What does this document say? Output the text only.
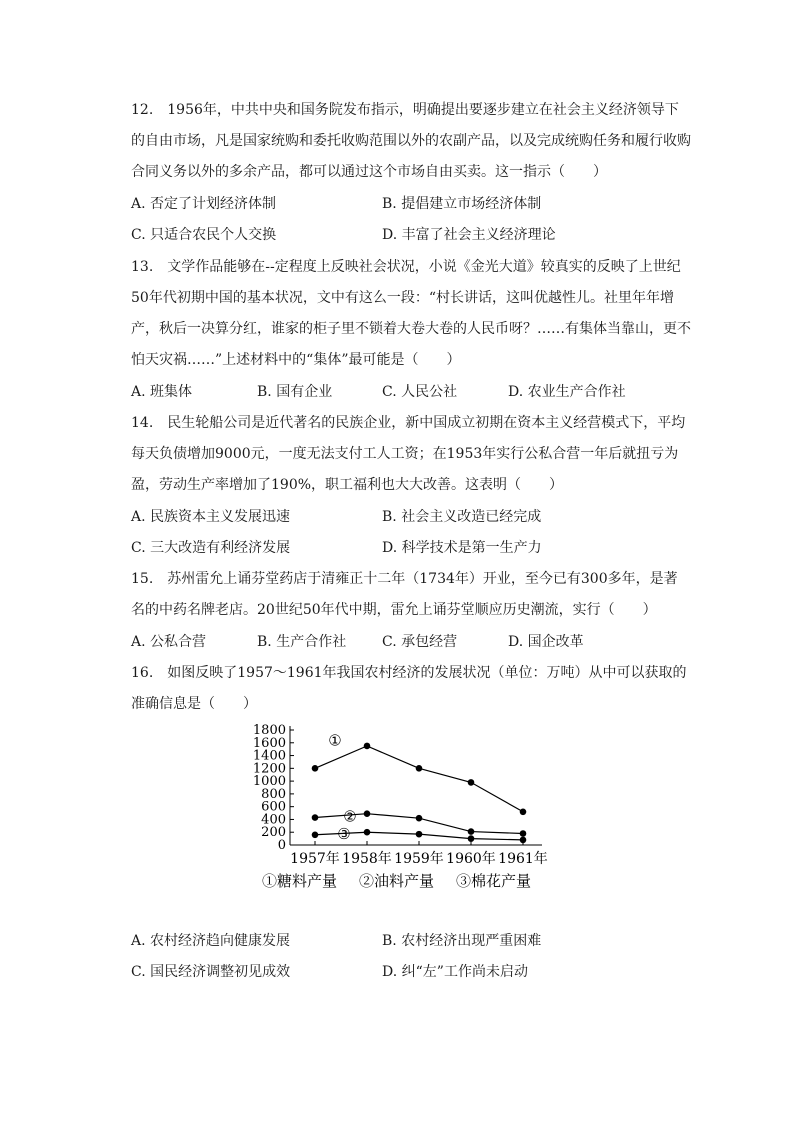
12.　1956年，中共中央和国务院发布指示，明确提出要逐步建立在社会主义经济领导下的自由市场，凡是国家统购和委托收购范围以外的农副产品，以及完成统购任务和履行收购合同义务以外的多余产品，都可以通过这个市场自由买卖。这一指示（　　）

A. 否定了计划经济体制	B. 提倡建立市场经济体制
C. 只适合农民个人交换	D. 丰富了社会主义经济理论

13.　文学作品能够在--定程度上反映社会状况，小说《金光大道》较真实的反映了上世纪50年代初期中国的基本状况，文中有这么一段：“村长讲话，这叫优越性儿。社里年年增产，秋后一决算分红，谁家的柜子里不锁着大卷大卷的人民币呀？……有集体当靠山，更不怕天灾祸……”上述材料中的“集体”最可能是（　　）

A. 班集体	B. 国有企业	C. 人民公社	D. 农业生产合作社

14.　民生轮船公司是近代著名的民族企业，新中国成立初期在资本主义经营模式下，平均每天负债增加9000元，一度无法支付工人工资；在1953年实行公私合营一年后就扭亏为盈，劳动生产率增加了190%，职工福利也大大改善。这表明（　　）

A. 民族资本主义发展迅速	B. 社会主义改造已经完成
C. 三大改造有利经济发展	D. 科学技术是第一生产力

15.　苏州雷允上诵芬堂药店于清雍正十二年（1734年）开业，至今已有300多年，是著名的中药名牌老店。20世纪50年代中期，雷允上诵芬堂顺应历史潮流，实行（　　）

A. 公私合营	B. 生产合作社	C. 承包经营	D. 国企改革

16.　如图反映了1957～1961年我国农村经济的发展状况（单位：万吨）从中可以获取的准确信息是（　　）

0
200
400
600
800
1000
1200
1400
1600
1800
1957年 1958年 1959年 1960年 1961年
①
②
③
①糖料产量 ②油料产量 ③棉花产量
A. 农村经济趋向健康发展	B. 农村经济出现严重困难
C. 国民经济调整初见成效	D. 纠“左”工作尚未启动
